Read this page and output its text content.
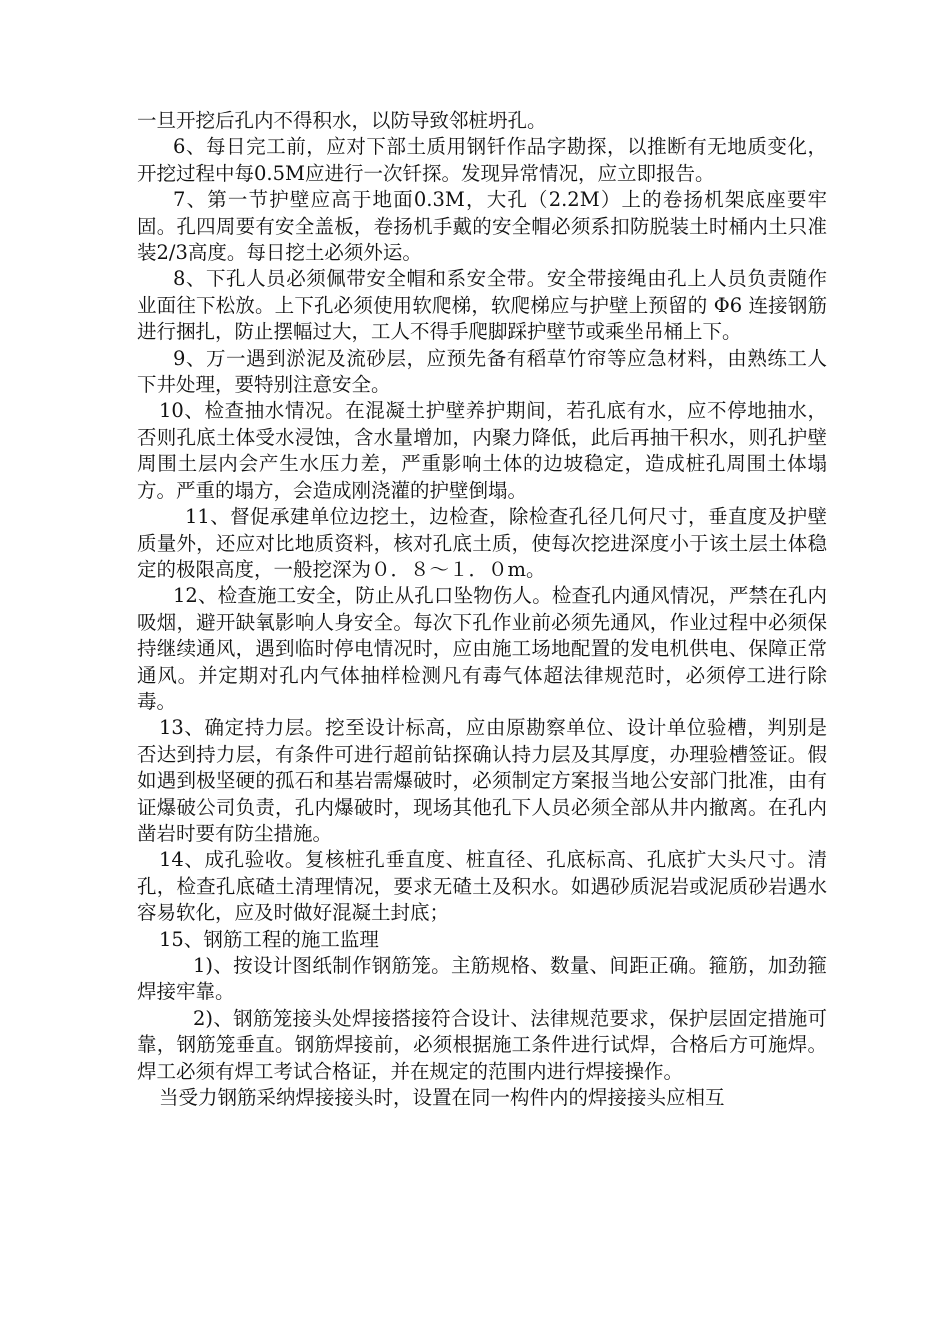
一旦开挖后孔内不得积水，以防导致邻桩坍孔。

6、每日完工前，应对下部土质用钢钎作品字勘探，以推断有无地质变化，开挖过程中每0.5M应进行一次钎探。发现异常情况，应立即报告。

7、第一节护壁应高于地面0.3M，大孔（2.2M）上的卷扬机架底座要牢固。孔四周要有安全盖板，卷扬机手戴的安全帽必须系扣防脱装土时桶内土只准装2/3高度。每日挖土必须外运。

8、下孔人员必须佩带安全帽和系安全带。安全带接绳由孔上人员负责随作业面往下松放。上下孔必须使用软爬梯，软爬梯应与护壁上预留的 Φ6 连接钢筋进行捆扎，防止摆幅过大，工人不得手爬脚踩护壁节或乘坐吊桶上下。

9、万一遇到淤泥及流砂层，应预先备有稻草竹帘等应急材料，由熟练工人下井处理，要特别注意安全。

10、检查抽水情况。在混凝土护壁养护期间，若孔底有水，应不停地抽水，否则孔底土体受水浸蚀，含水量增加，内聚力降低，此后再抽干积水，则孔护壁周围土层内会产生水压力差，严重影响土体的边坡稳定，造成桩孔周围土体塌方。严重的塌方，会造成刚浇灌的护壁倒塌。

11、督促承建单位边挖土，边检查，除检查孔径几何尺寸，垂直度及护壁质量外，还应对比地质资料，核对孔底土质，使每次挖进深度小于该土层土体稳定的极限高度，一般挖深为０．８～１．０m。

12、检查施工安全，防止从孔口坠物伤人。检查孔内通风情况，严禁在孔内吸烟，避开缺氧影响人身安全。每次下孔作业前必须先通风，作业过程中必须保持继续通风，遇到临时停电情况时，应由施工场地配置的发电机供电、保障正常通风。并定期对孔内气体抽样检测凡有毒气体超法律规范时，必须停工进行除毒。

13、确定持力层。挖至设计标高，应由原勘察单位、设计单位验槽，判别是否达到持力层，有条件可进行超前钻探确认持力层及其厚度，办理验槽签证。假如遇到极坚硬的孤石和基岩需爆破时，必须制定方案报当地公安部门批准，由有证爆破公司负责，孔内爆破时，现场其他孔下人员必须全部从井内撤离。在孔内凿岩时要有防尘措施。

14、成孔验收。复核桩孔垂直度、桩直径、孔底标高、孔底扩大头尺寸。清孔，检查孔底碴土清理情况，要求无碴土及积水。如遇砂质泥岩或泥质砂岩遇水容易软化，应及时做好混凝土封底；

15、钢筋工程的施工监理

1)、按设计图纸制作钢筋笼。主筋规格、数量、间距正确。箍筋，加劲箍焊接牢靠。

2)、钢筋笼接头处焊接搭接符合设计、法律规范要求，保护层固定措施可靠，钢筋笼垂直。钢筋焊接前，必须根据施工条件进行试焊，合格后方可施焊。焊工必须有焊工考试合格证，并在规定的范围内进行焊接操作。

当受力钢筋采纳焊接接头时，设置在同一构件内的焊接接头应相互
